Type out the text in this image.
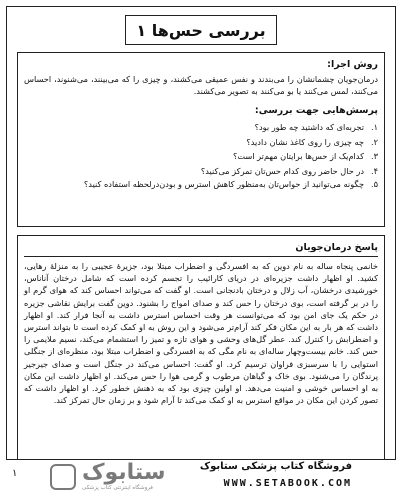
بررسی حس‌ها ۱
روش اجرا:

درمان‌جویان چشمانشان را می‌بندند و نفس عمیقی می‌کشند، و چیزی را که می‌بینند، می‌شنوند، احساس می‌کنند، لمس می‌کنند یا بو می‌کنند به تصویر می‌کشند.

پرسش‌هایی جهت بررسی:
۱.
تجربه‌ای که داشتید چه طور بود؟
۲.
چه چیزی را روی کاغذ نشان دادید؟
۳.
کدام‌یک از حس‌ها برایتان مهم‌تر است؟
۴.
در حال حاضر روی کدام حس‌تان تمرکز می‌کنید؟
۵.
چگونه می‌توانید از حواس‌تان به‌منظور کاهش استرس و بودن‌در‌لحظه استفاده کنید؟
پاسخ درمان‌جویان

خانمی پنجاه ساله به نام دوین که به افسردگی و اضطراب مبتلا بود، جزیرهٔ عجیبی را به منزلهٔ رهایی، کشید. او اظهار داشت جزیره‌ای در دریای کارائیب را تجسم کرده است که شامل درختان آناناس، خورشیدی درخشان، آب زلال و درختان بادنجانی است. او گفت که می‌تواند احساس کند که هوای گرم او را در بر گرفته است، بوی درختان را حس کند و صدای امواج را بشنود. دوین گفت برایش نقاشی جزیره در حکم یک جای امن بود که می‌توانست هر وقت احساس استرس داشت به آنجا فرار کند. او اظهار داشت که هر بار به این مکان فکر کند آرام‌تر می‌شود و این روش به او کمک کرده است تا بتواند استرس و اضطرابش را کنترل کند. عطر گل‌های وحشی و هوای تازه و تمیز را استشمام می‌کند، نسیم ملایمی را حس کند. خانم بیست‌وچهار ساله‌ای به نام مگی که به افسردگی و اضطراب مبتلا بود، منظره‌ای از جنگلی استوایی را با سرسبزی فراوان ترسیم کرد. او گفت: احساس می‌کند در جنگل است و صدای جیرجیر پرندگان را می‌شنود. بوی خاک و گیاهان مرطوب و گرمی هوا را حس می‌کند. او اظهار داشت این مکان به او احساس خوشی و امنیت می‌دهد. او اولین چیزی بود که به ذهنش خطور کرد. او اظهار داشت که تصور کردن این مکان در مواقع استرس به او کمک می‌کند تا آرام شود و بر زمان حال تمرکز کند.

۱	ستابوک
فروشگاه اینترنتی کتاب پزشکی
فروشگاه کتاب پزشکی ستابوک
WWW.SETABOOK.COM
